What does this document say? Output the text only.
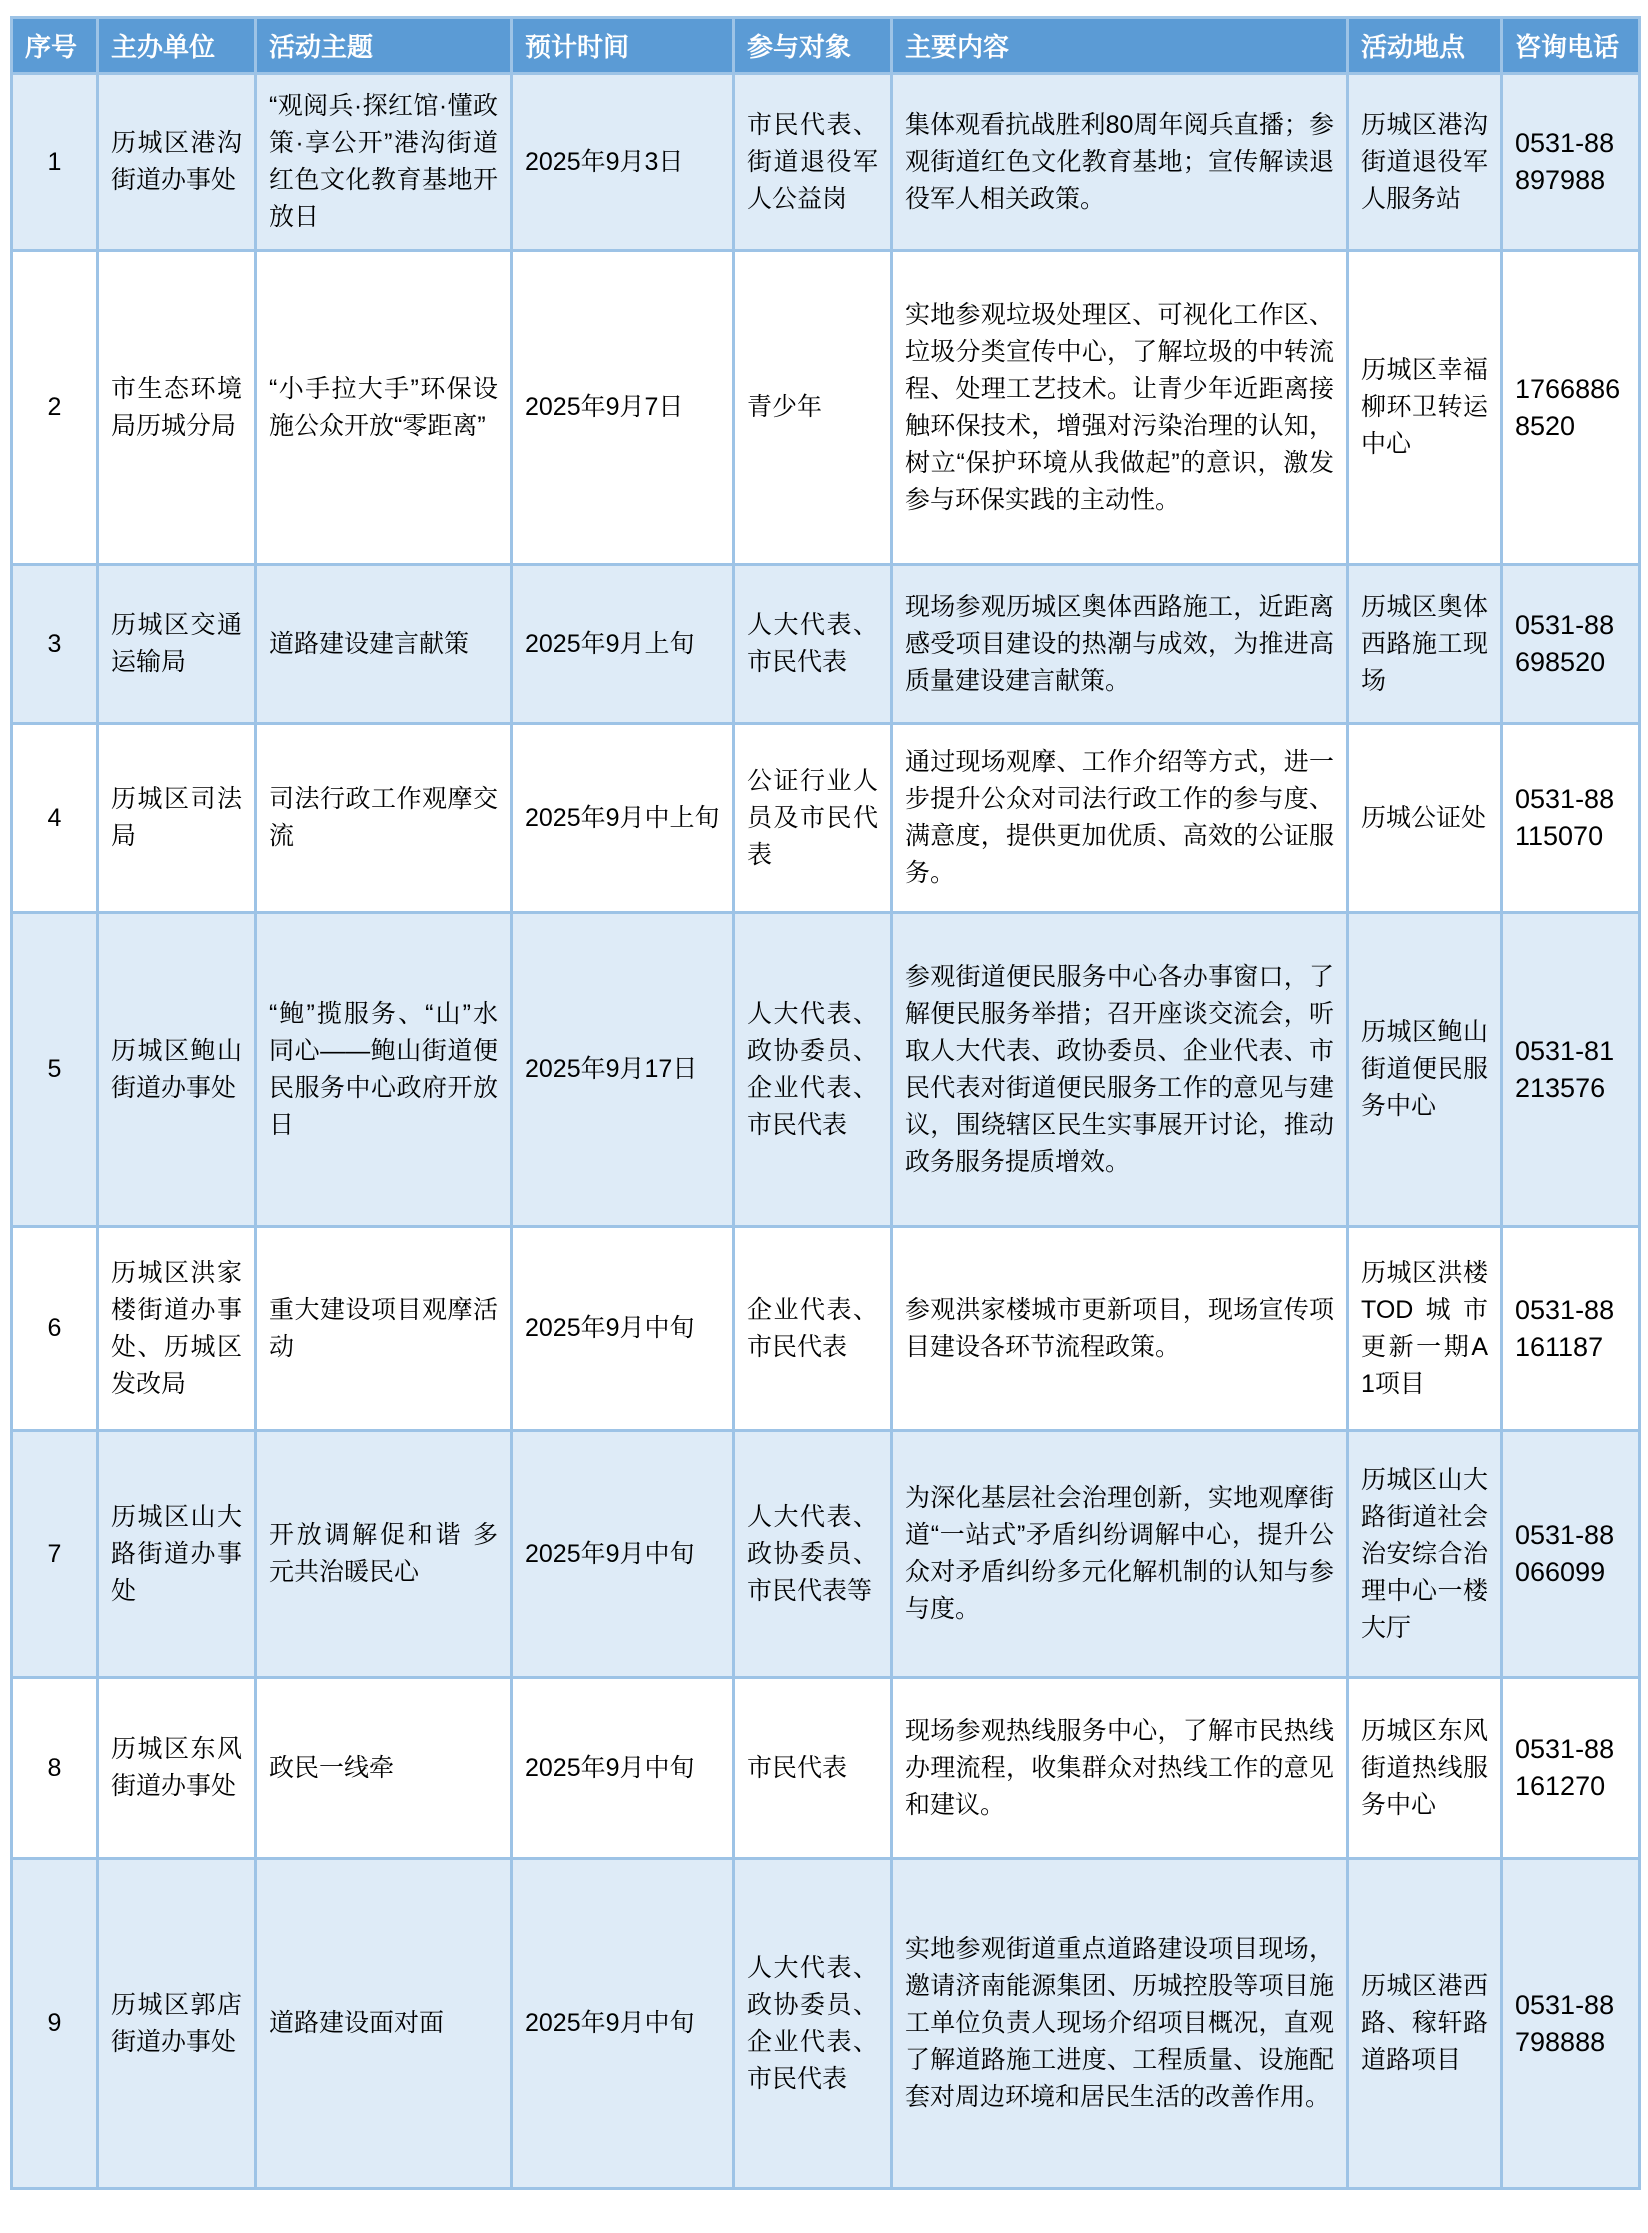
序号	主办单位	活动主题	预计时间	参与对象	主要内容	活动地点	咨询电话
1	历城区港沟街道办事处	“观阅兵·探红馆·懂政策·享公开”港沟街道红色文化教育基地开放日	2025年9月3日	市民代表、街道退役军人公益岗	集体观看抗战胜利80周年阅兵直播；参观街道红色文化教育基地；宣传解读退役军人相关政策。	历城区港沟街道退役军人服务站	0531-88897988
2	市生态环境局历城分局	“小手拉大手”环保设施公众开放“零距离”	2025年9月7日	青少年	实地参观垃圾处理区、可视化工作区、垃圾分类宣传中心，了解垃圾的中转流程、处理工艺技术。让青少年近距离接触环保技术，增强对污染治理的认知，树立“保护环境从我做起”的意识，激发参与环保实践的主动性。	历城区幸福柳环卫转运中心	17668868520
3	历城区交通运输局	道路建设建言献策	2025年9月上旬	人大代表、市民代表	现场参观历城区奥体西路施工，近距离感受项目建设的热潮与成效，为推进高质量建设建言献策。	历城区奥体西路施工现场	0531-88698520
4	历城区司法局	司法行政工作观摩交流	2025年9月中上旬	公证行业人员及市民代表	通过现场观摩、工作介绍等方式，进一步提升公众对司法行政工作的参与度、满意度，提供更加优质、高效的公证服务。	历城公证处	0531-88115070
5	历城区鲍山街道办事处	“鲍”揽服务、“山”水同心——鲍山街道便民服务中心政府开放日	2025年9月17日	人大代表、政协委员、企业代表、市民代表	参观街道便民服务中心各办事窗口，了解便民服务举措；召开座谈交流会，听取人大代表、政协委员、企业代表、市民代表对街道便民服务工作的意见与建议，围绕辖区民生实事展开讨论，推动政务服务提质增效。	历城区鲍山街道便民服务中心	0531-81213576
6	历城区洪家楼街道办事处、历城区发改局	重大建设项目观摩活动	2025年9月中旬	企业代表、市民代表	参观洪家楼城市更新项目，现场宣传项目建设各环节流程政策。	历城区洪楼TOD城市更新一期A1项目	0531-88161187
7	历城区山大路街道办事处	开放调解促和谐 多元共治暖民心	2025年9月中旬	人大代表、政协委员、市民代表等	为深化基层社会治理创新，实地观摩街道“一站式”矛盾纠纷调解中心，提升公众对矛盾纠纷多元化解机制的认知与参与度。	历城区山大路街道社会治安综合治理中心一楼大厅	0531-88066099
8	历城区东风街道办事处	政民一线牵	2025年9月中旬	市民代表	现场参观热线服务中心，了解市民热线办理流程，收集群众对热线工作的意见和建议。	历城区东风街道热线服务中心	0531-88161270
9	历城区郭店街道办事处	道路建设面对面	2025年9月中旬	人大代表、政协委员、企业代表、市民代表	实地参观街道重点道路建设项目现场，邀请济南能源集团、历城控股等项目施工单位负责人现场介绍项目概况，直观了解道路施工进度、工程质量、设施配套对周边环境和居民生活的改善作用。	历城区港西路、稼轩路道路项目	0531-88798888
